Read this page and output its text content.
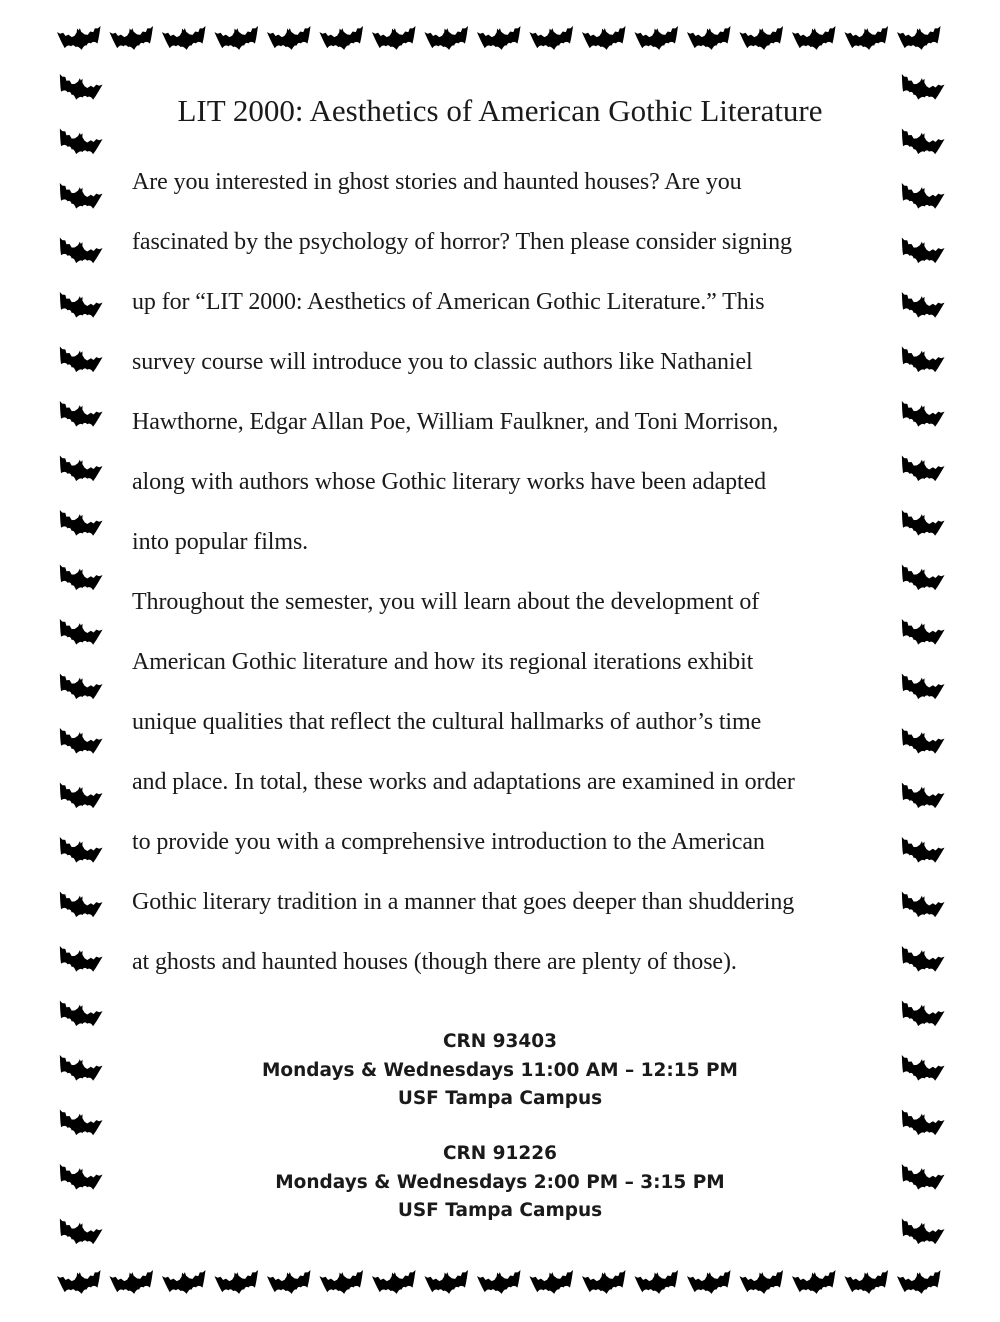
LIT 2000: Aesthetics of American Gothic Literature
Are you interested in ghost stories and haunted houses? Are you
fascinated by the psychology of horror? Then please consider signing
up for “LIT 2000: Aesthetics of American Gothic Literature.” This
survey course will introduce you to classic authors like Nathaniel
Hawthorne, Edgar Allan Poe, William Faulkner, and Toni Morrison,
along with authors whose Gothic literary works have been adapted
into popular films.
Throughout the semester, you will learn about the development of
American Gothic literature and how its regional iterations exhibit
unique qualities that reflect the cultural hallmarks of author’s time
and place. In total, these works and adaptations are examined in order
to provide you with a comprehensive introduction to the American
Gothic literary tradition in a manner that goes deeper than shuddering
at ghosts and haunted houses (though there are plenty of those).
CRN 93403
Mondays & Wednesdays 11:00 AM – 12:15 PM
USF Tampa Campus
CRN 91226
Mondays & Wednesdays 2:00 PM – 3:15 PM
USF Tampa Campus
